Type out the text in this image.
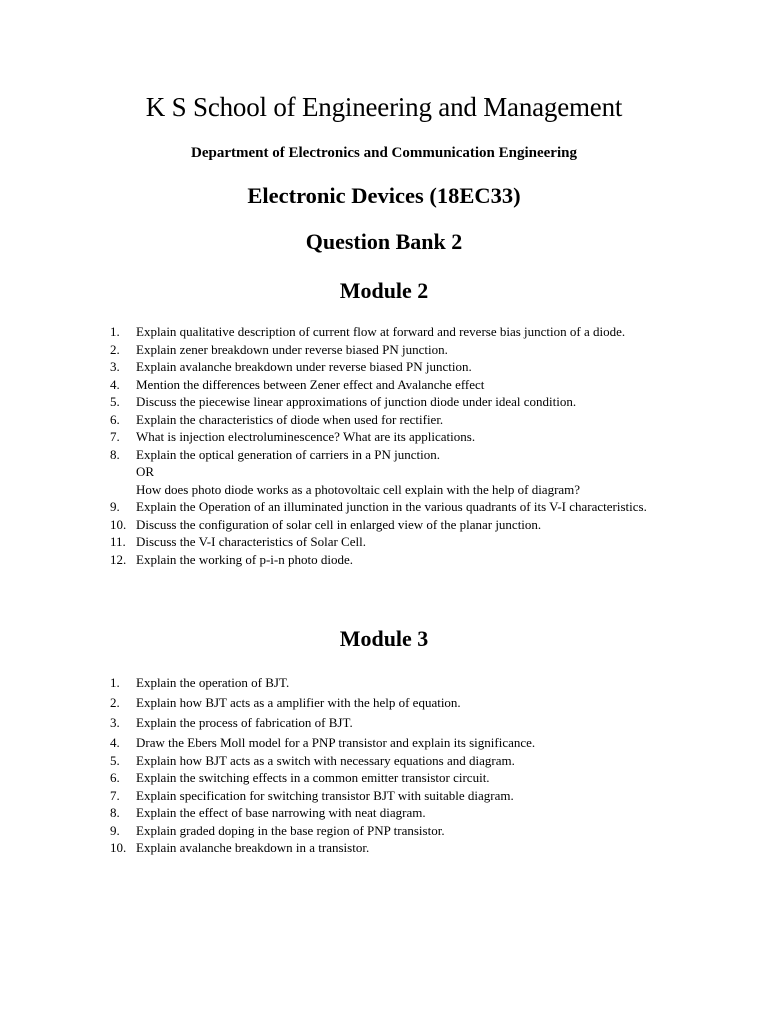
K S School of Engineering and Management
Department of Electronics and Communication Engineering
Electronic Devices (18EC33)
Question Bank 2
Module 2
1.	Explain qualitative description of current flow at forward and reverse bias junction of a diode.
2.	Explain zener breakdown under reverse biased PN junction.
3.	Explain avalanche breakdown under reverse biased PN junction.
4.	Mention the differences between Zener effect and Avalanche effect
5.	Discuss the piecewise linear approximations of junction diode under ideal condition.
6.	Explain the characteristics of diode when used for rectifier.
7.	What is injection electroluminescence? What are its applications.
8.	Explain the optical generation of carriers in a PN junction.
OR
How does photo diode works as a photovoltaic cell explain with the help of diagram?
9.	Explain the Operation of an illuminated junction in the various quadrants of its V-I characteristics.
10. Discuss the configuration of solar cell in enlarged view of the planar junction.
11. Discuss the V-I characteristics of Solar Cell.
12. Explain the working of p-i-n photo diode.
Module 3
1.	Explain the operation of BJT.
2.	Explain how BJT acts as a amplifier with the help of equation.
3.	Explain the process of fabrication of BJT.
4.	Draw the Ebers Moll model for a PNP transistor and explain its significance.
5.	Explain how BJT acts as a switch with necessary equations and diagram.
6.	Explain the switching effects in a common emitter transistor circuit.
7.	Explain specification for switching transistor BJT with suitable diagram.
8.	Explain the effect of base narrowing with neat diagram.
9.	Explain graded doping in the base region of PNP transistor.
10. Explain avalanche breakdown in a transistor.
